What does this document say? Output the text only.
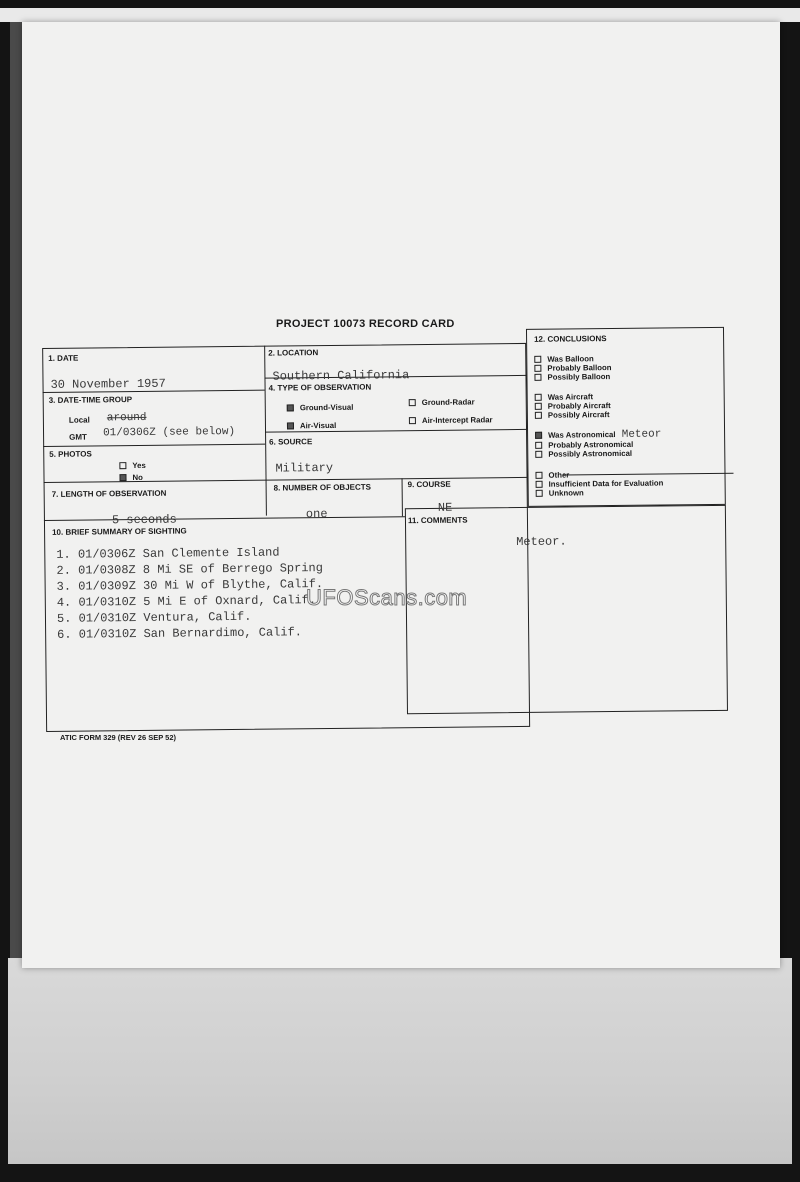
PROJECT 10073 RECORD CARD
1. DATE
30 November 1957
2. LOCATION
Southern California
3. DATE-TIME GROUP
Local around
GMT 01/0306Z (see below)
4. TYPE OF OBSERVATION
Ground-Visual
Ground-Radar
Air-Visual
Air-Intercept Radar
5. PHOTOS
Yes
No
6. SOURCE
Military
7. LENGTH OF OBSERVATION
5 seconds
8. NUMBER OF OBJECTS
one
9. COURSE
NE
10. BRIEF SUMMARY OF SIGHTING
1. 01/0306Z San Clemente Island
2. 01/0308Z 8 Mi SE of Berrego Spring
3. 01/0309Z 30 Mi W of Blythe, Calif.
4. 01/0310Z 5 Mi E of Oxnard, Calif.
5. 01/0310Z Ventura, Calif.
6. 01/0310Z San Bernardimo, Calif.
11. COMMENTS
Meteor.
12. CONCLUSIONS
Was Balloon
Probably Balloon
Possibly Balloon
Was Aircraft
Probably Aircraft
Possibly Aircraft
Was Astronomical Meteor
Probably Astronomical
Possibly Astronomical
Other
Insufficient Data for Evaluation
Unknown
UFOScans.com
ATIC FORM 329 (REV 26 SEP 52)
